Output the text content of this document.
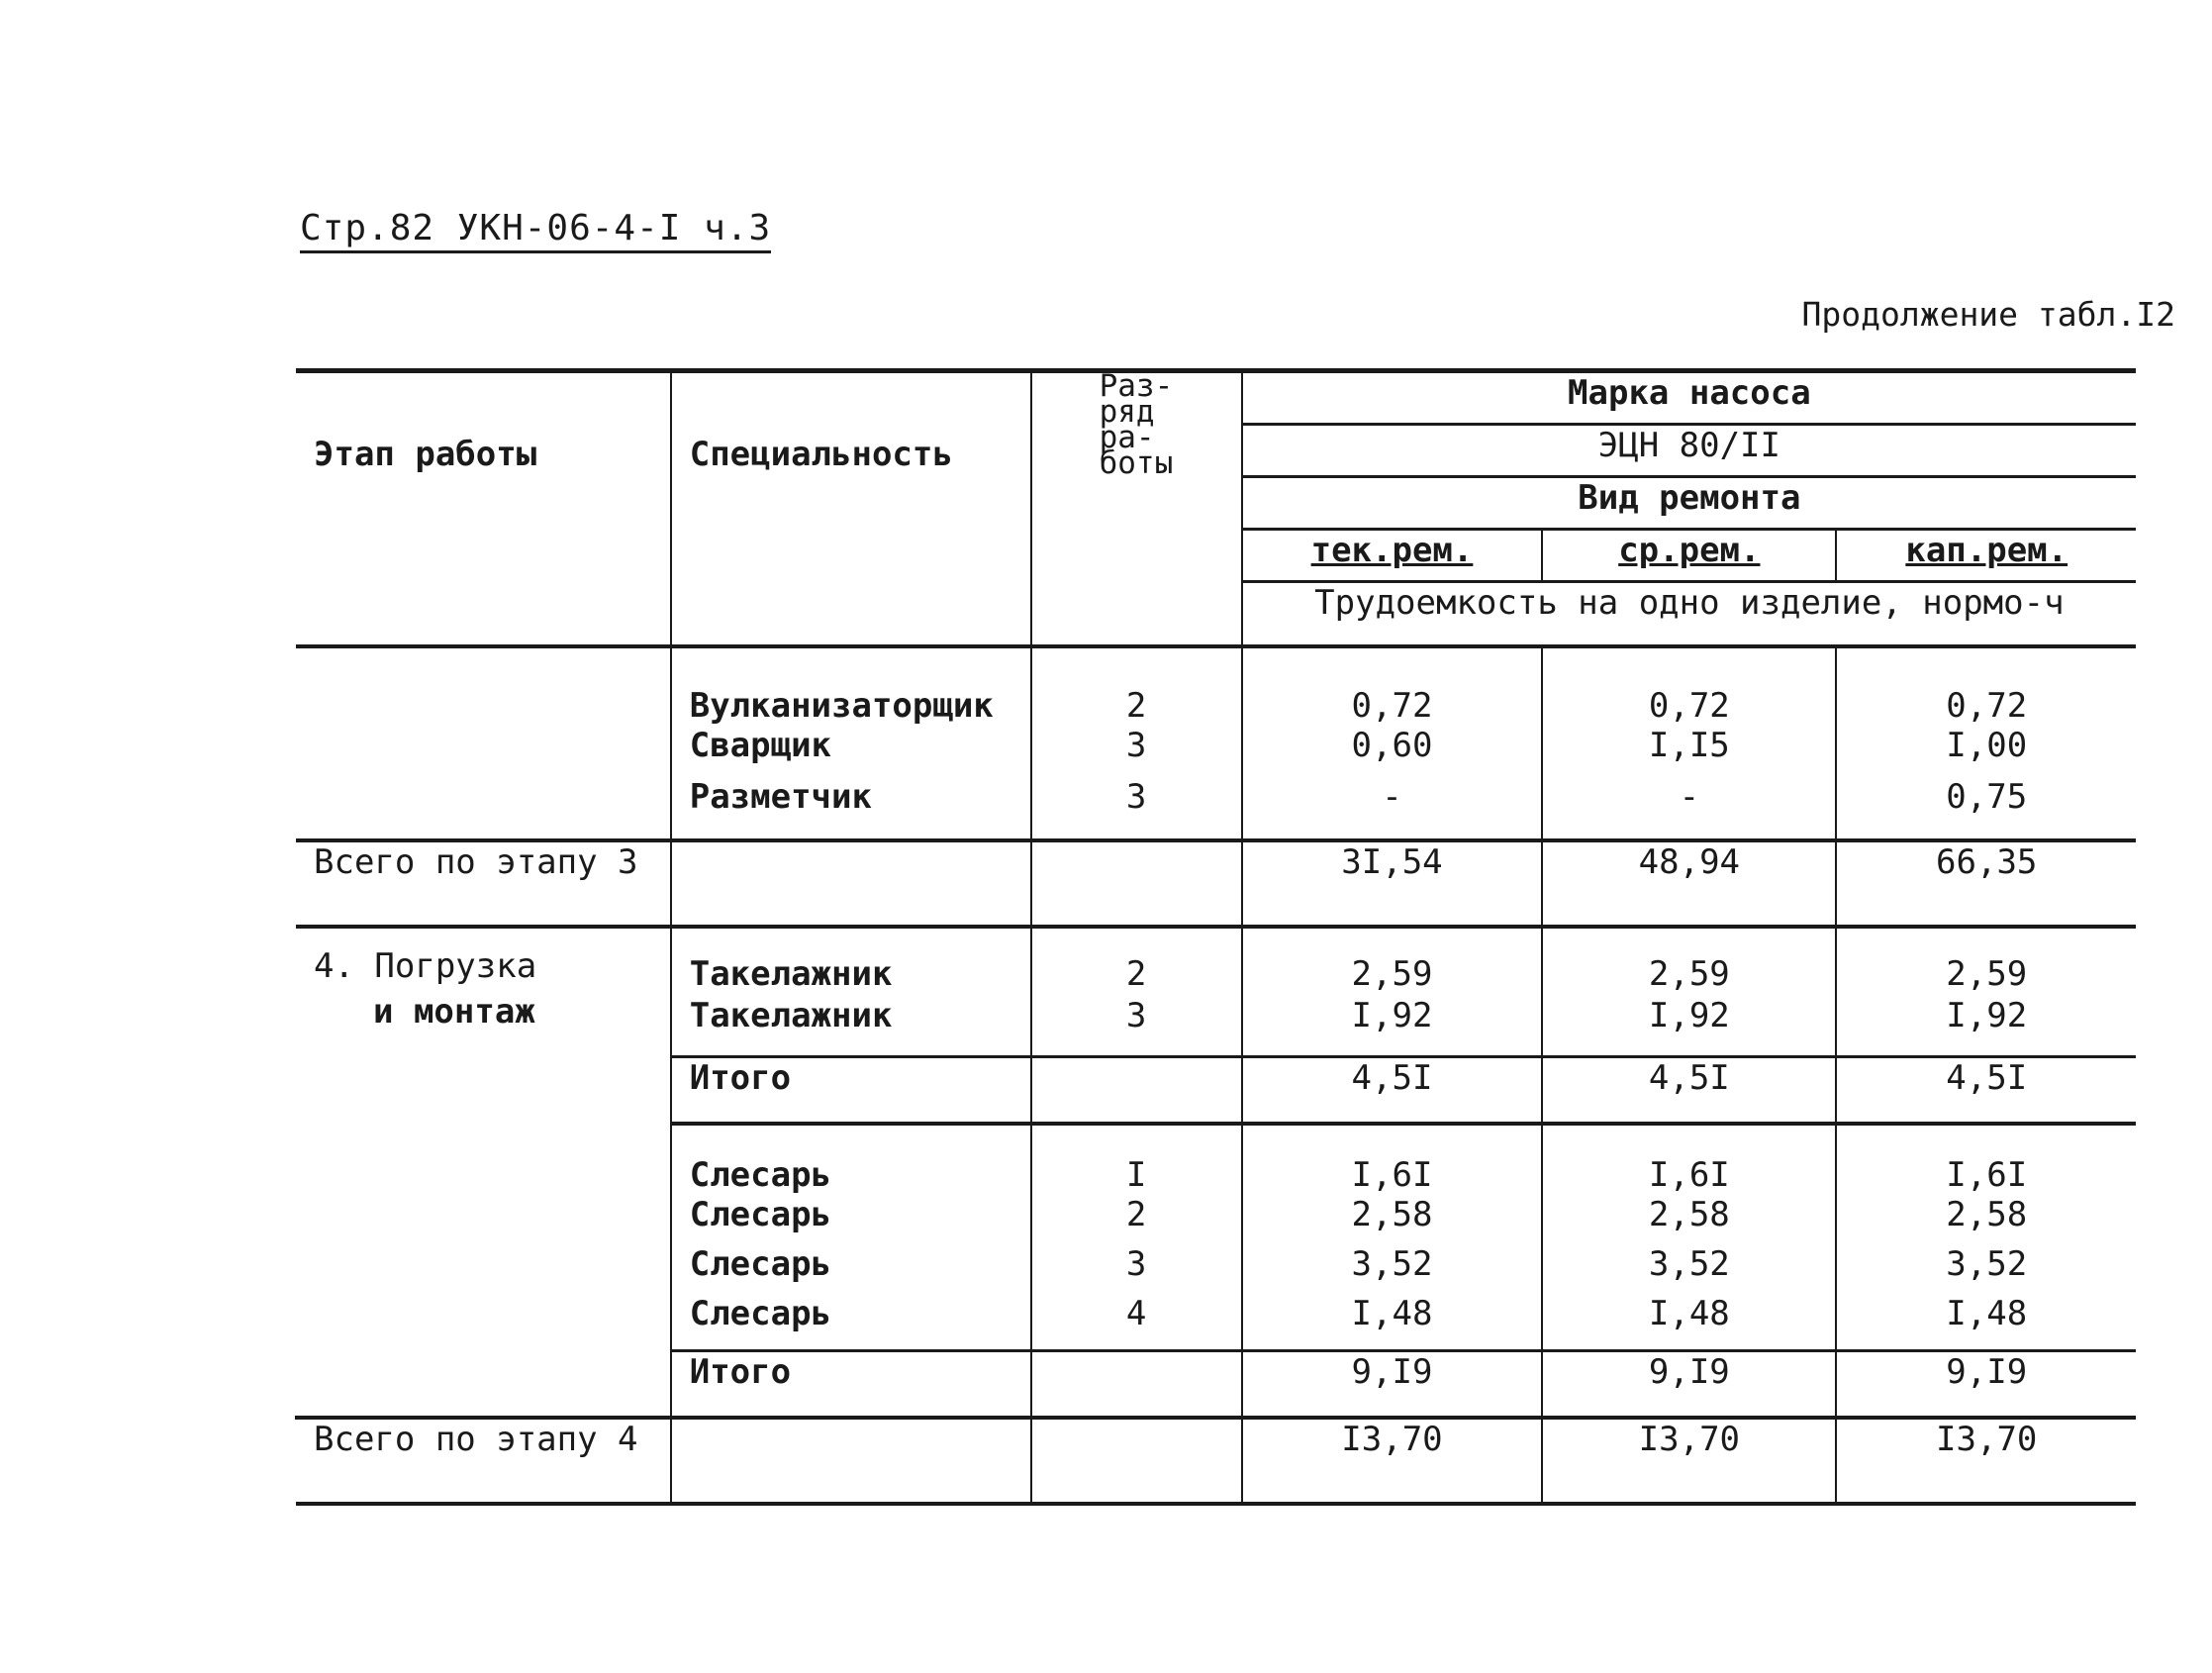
Стр.82 УКН-06-4-I ч.3
Продолжение табл.I2
Этап работы	Специальность	Раз-
ряд
ра-
боты	Марка насоса		
			ЭЦН 80/II		
			Вид ремонта		
			тек.рем.	ср.рем.	кап.рем.
			Трудоемкость на одно изделие, нормо-ч		
	Вулканизаторщик	2	0,72	0,72	0,72
	Сварщик	3	0,60	I,I5	I,00
	Разметчик	3	-	-	0,75
Всего по этапу 3			3I,54	48,94	66,35

4. Погрузка
и монтаж	Такелажник	2	2,59	2,59	2,59
	Такелажник	3	I,92	I,92	I,92
	Итого		4,5I	4,5I	4,5I
	Слесарь	I	I,6I	I,6I	I,6I
	Слесарь	2	2,58	2,58	2,58
	Слесарь	3	3,52	3,52	3,52
	Слесарь	4	I,48	I,48	I,48
	Итого		9,I9	9,I9	9,I9

Всего по этапу 4			I3,70	I3,70	I3,70
